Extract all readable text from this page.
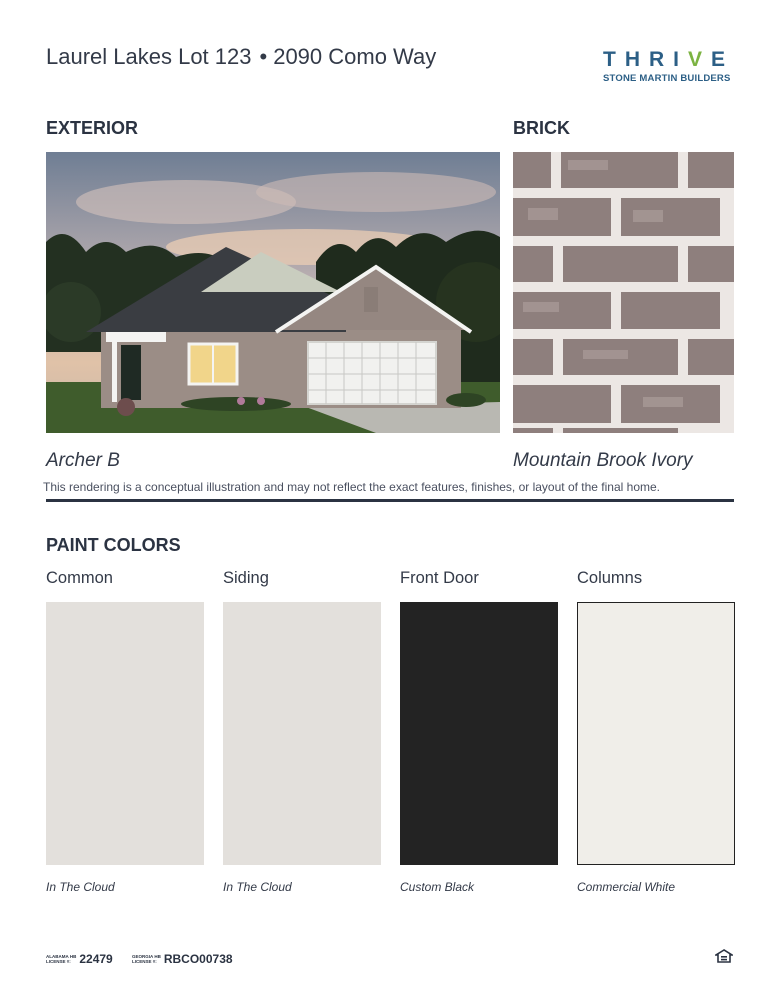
Laurel Lakes Lot 123 • 2090 Como Way	THRIVE
STONE MARTIN BUILDERS
EXTERIOR	BRICK
Archer B	Mountain Brook Ivory
This rendering is a conceptual illustration and may not reflect the exact features, finishes, or layout of the final home.
PAINT COLORS
Common	Siding	Front Door	Columns
In The Cloud	In The Cloud	Custom Black	Commercial White
ALABAMA HB
LICENSE #: 22479	GEORGIA HB
LICENSE #: RBCO00738
